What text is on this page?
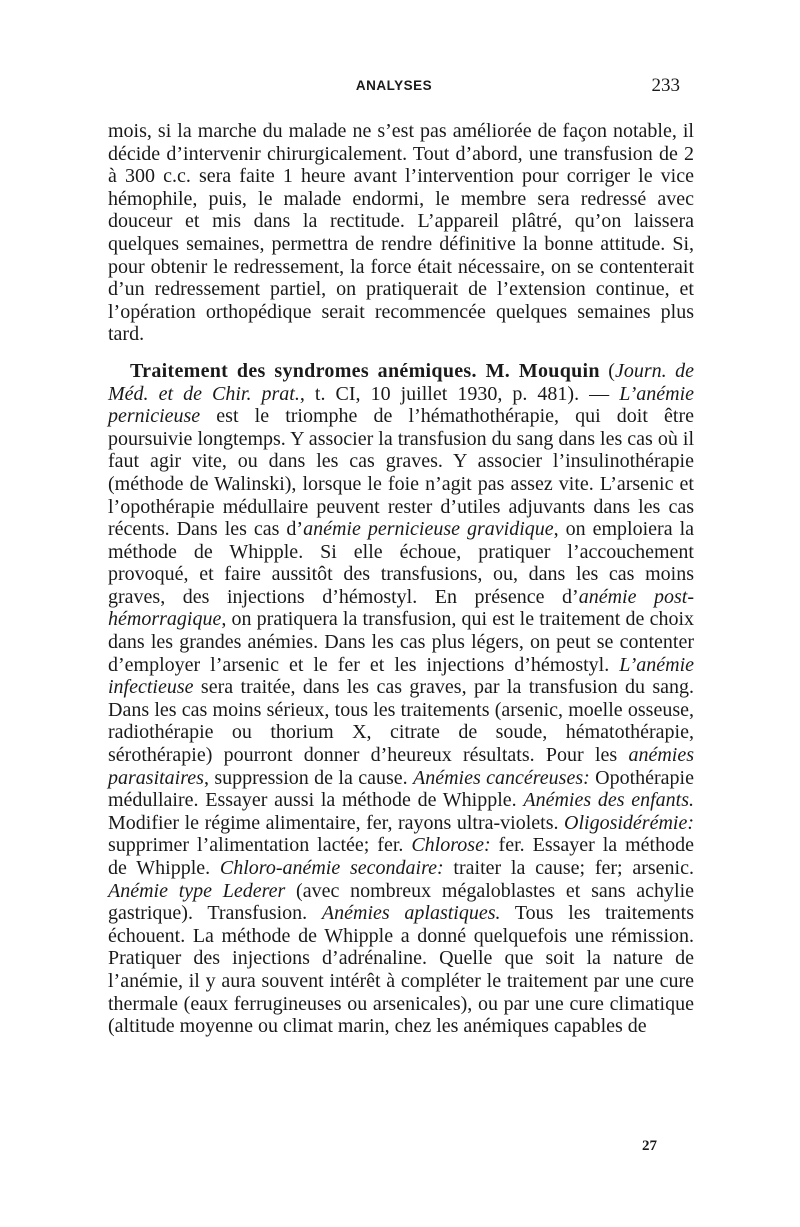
ANALYSES	233

mois, si la marche du malade ne s’est pas améliorée de façon notable, il décide d’intervenir chirurgicalement. Tout d’abord, une transfusion de 2 à 300 c.c. sera faite 1 heure avant l’intervention pour corriger le vice hémophile, puis, le malade endormi, le membre sera redressé avec douceur et mis dans la rectitude. L’appareil plâtré, qu’on laissera quelques semaines, permettra de rendre définitive la bonne attitude. Si, pour obtenir le redressement, la force était nécessaire, on se contenterait d’un redressement partiel, on pratiquerait de l’extension continue, et l’opération orthopédique serait recommencée quelques semaines plus tard.

Traitement des syndromes anémiques. M. Mouquin (Journ. de Méd. et de Chir. prat., t. CI, 10 juillet 1930, p. 481). — L’anémie pernicieuse est le triomphe de l’hémathothérapie, qui doit être poursuivie longtemps. Y associer la transfusion du sang dans les cas où il faut agir vite, ou dans les cas graves. Y associer l’insulinothérapie (méthode de Walinski), lorsque le foie n’agit pas assez vite. L’arsenic et l’opothérapie médullaire peuvent rester d’utiles adjuvants dans les cas récents. Dans les cas d’anémie pernicieuse gravidique, on emploiera la méthode de Whipple. Si elle échoue, pratiquer l’accouchement provoqué, et faire aussitôt des transfusions, ou, dans les cas moins graves, des injections d’hémostyl. En présence d’anémie post-hémorragique, on pratiquera la transfusion, qui est le traitement de choix dans les grandes anémies. Dans les cas plus légers, on peut se contenter d’employer l’arsenic et le fer et les injections d’hémostyl. L’anémie infectieuse sera traitée, dans les cas graves, par la transfusion du sang. Dans les cas moins sérieux, tous les traitements (arsenic, moelle osseuse, radiothérapie ou thorium X, citrate de soude, hématothérapie, sérothérapie) pourront donner d’heureux résultats. Pour les anémies parasitaires, suppression de la cause. Anémies cancéreuses: Opothérapie médullaire. Essayer aussi la méthode de Whipple. Anémies des enfants. Modifier le régime alimentaire, fer, rayons ultra-violets. Oligosidérémie: supprimer l’alimentation lactée; fer. Chlorose: fer. Essayer la méthode de Whipple. Chloro-anémie secondaire: traiter la cause; fer; arsenic. Anémie type Lederer (avec nombreux mégaloblastes et sans achylie gastrique). Transfusion. Anémies aplastiques. Tous les traitements échouent. La méthode de Whipple a donné quelquefois une rémission. Pratiquer des injections d’adrénaline. Quelle que soit la nature de l’anémie, il y aura souvent intérêt à compléter le traitement par une cure thermale (eaux ferrugineuses ou arsenicales), ou par une cure climatique (altitude moyenne ou climat marin, chez les anémiques capables de

27
